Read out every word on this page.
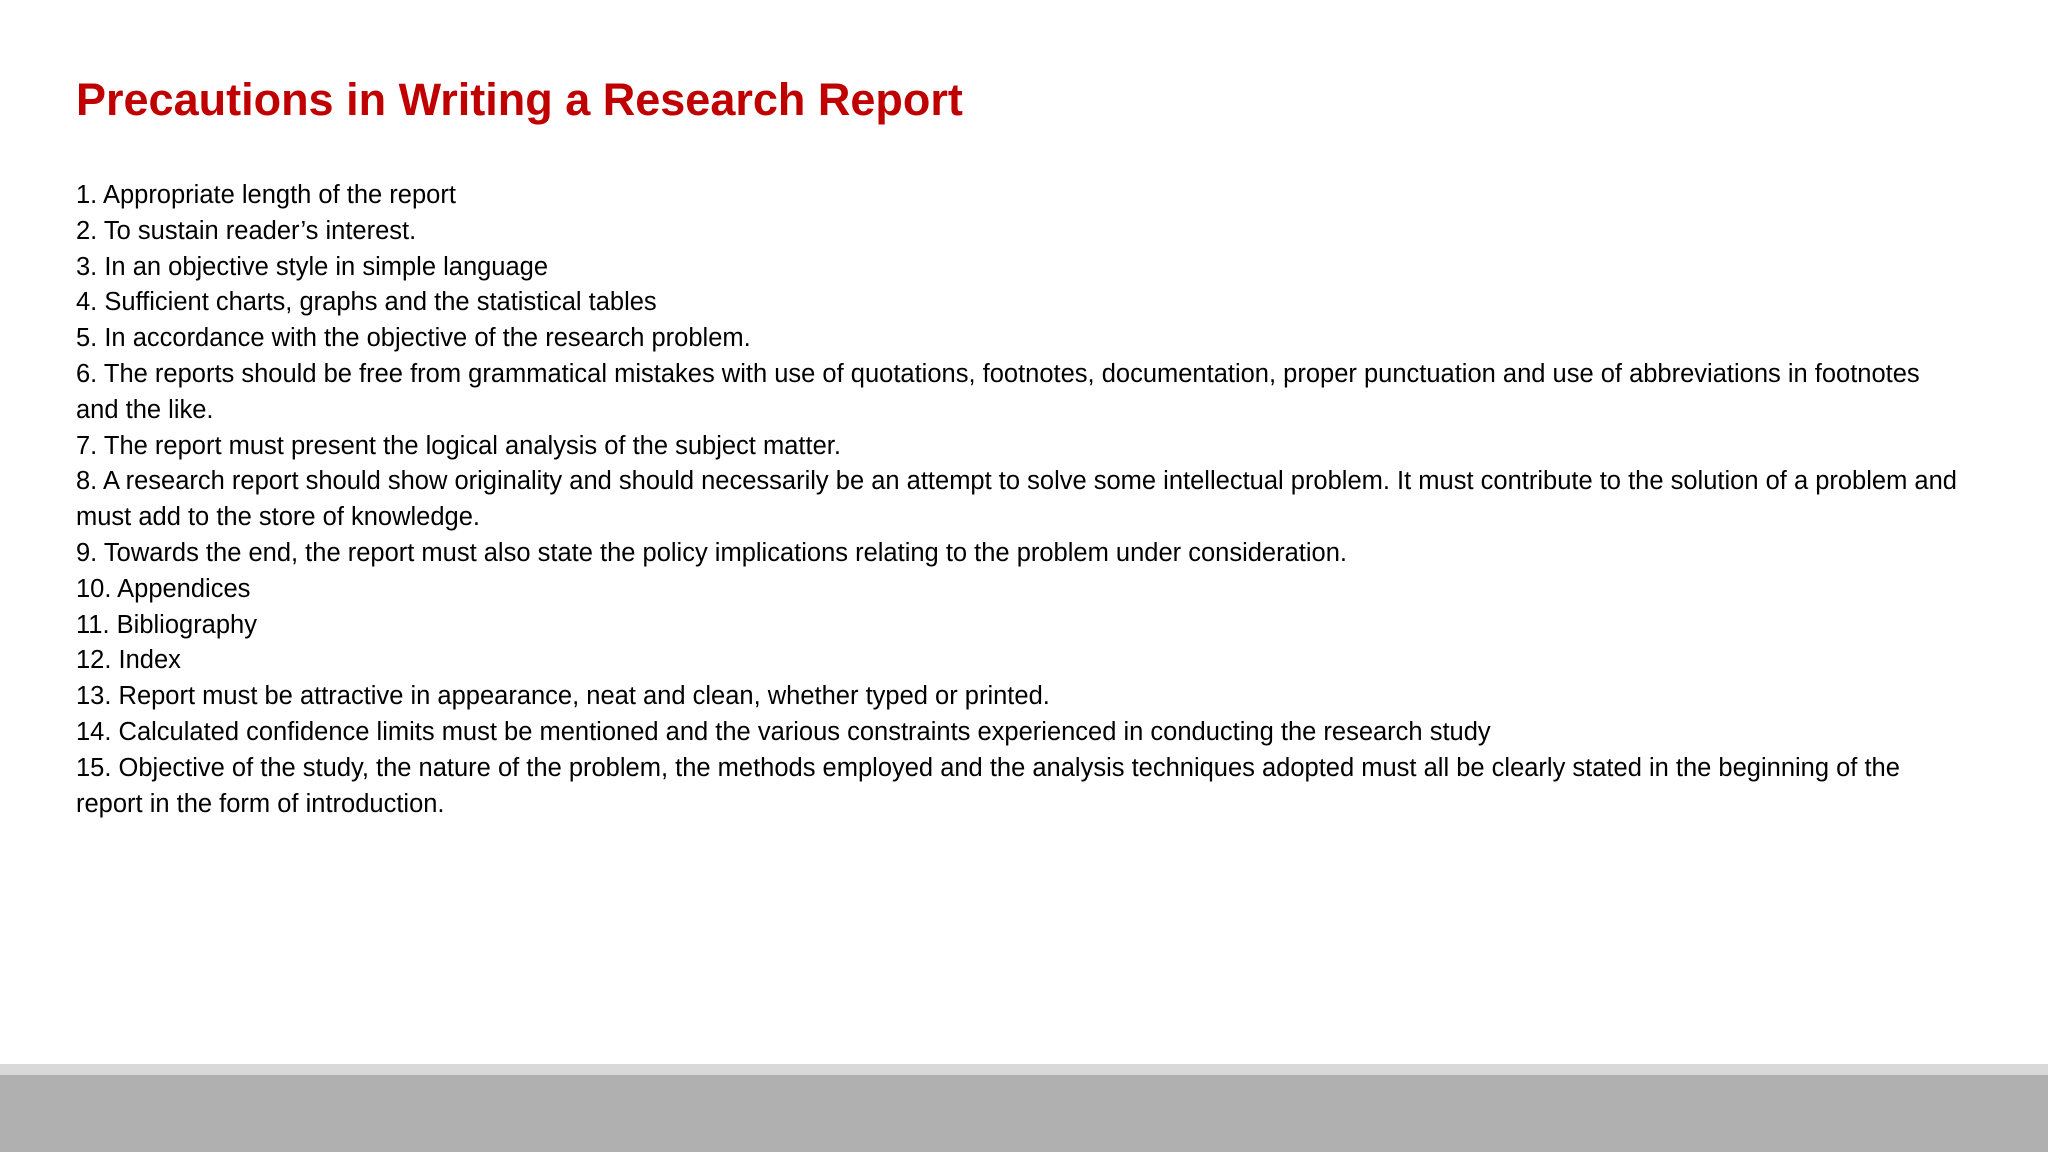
Precautions in Writing a Research Report
1. Appropriate length of the report
2. To sustain reader’s interest.
3. In an objective style in simple language
4. Sufficient charts, graphs and the statistical tables
5. In accordance with the objective of the research problem.
6. The reports should be free from grammatical mistakes with use of quotations, footnotes, documentation, proper punctuation and use of abbreviations in footnotes and the like.
7. The report must present the logical analysis of the subject matter.
8. A research report should show originality and should necessarily be an attempt to solve some intellectual problem. It must contribute to the solution of a problem and must add to the store of knowledge.
9. Towards the end, the report must also state the policy implications relating to the problem under consideration.
10. Appendices
11. Bibliography
12. Index
13. Report must be attractive in appearance, neat and clean, whether typed or printed.
14. Calculated confidence limits must be mentioned and the various constraints experienced in conducting the research study
15. Objective of the study, the nature of the problem, the methods employed and the analysis techniques adopted must all be clearly stated in the beginning of the report in the form of introduction.
